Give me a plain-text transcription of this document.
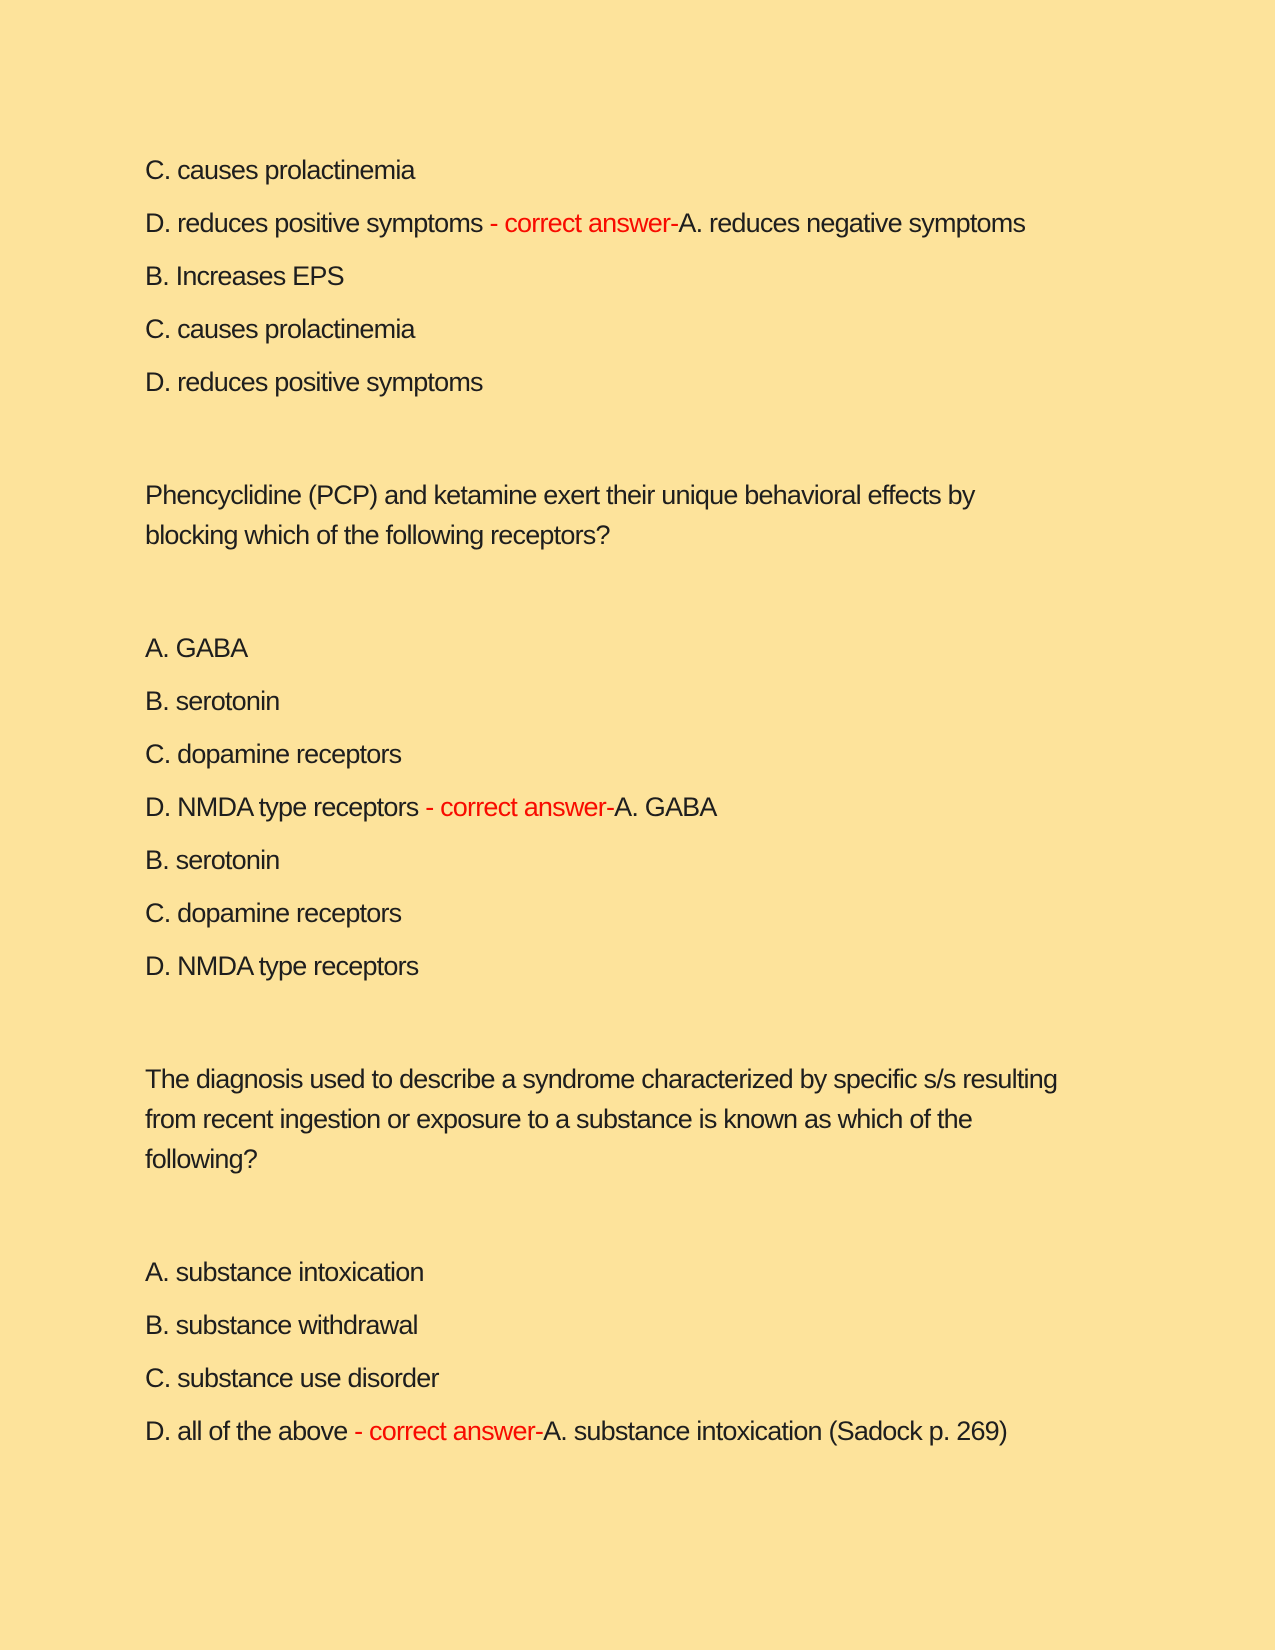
C. causes prolactinemia
D. reduces positive symptoms - correct answer-A. reduces negative symptoms
B. Increases EPS
C. causes prolactinemia
D. reduces positive symptoms
Phencyclidine (PCP) and ketamine exert their unique behavioral effects by
blocking which of the following receptors?
A. GABA
B. serotonin
C. dopamine receptors
D. NMDA type receptors - correct answer-A. GABA
B. serotonin
C. dopamine receptors
D. NMDA type receptors
The diagnosis used to describe a syndrome characterized by specific s/s resulting
from recent ingestion or exposure to a substance is known as which of the
following?
A. substance intoxication
B. substance withdrawal
C. substance use disorder
D. all of the above - correct answer-A. substance intoxication (Sadock p. 269)
